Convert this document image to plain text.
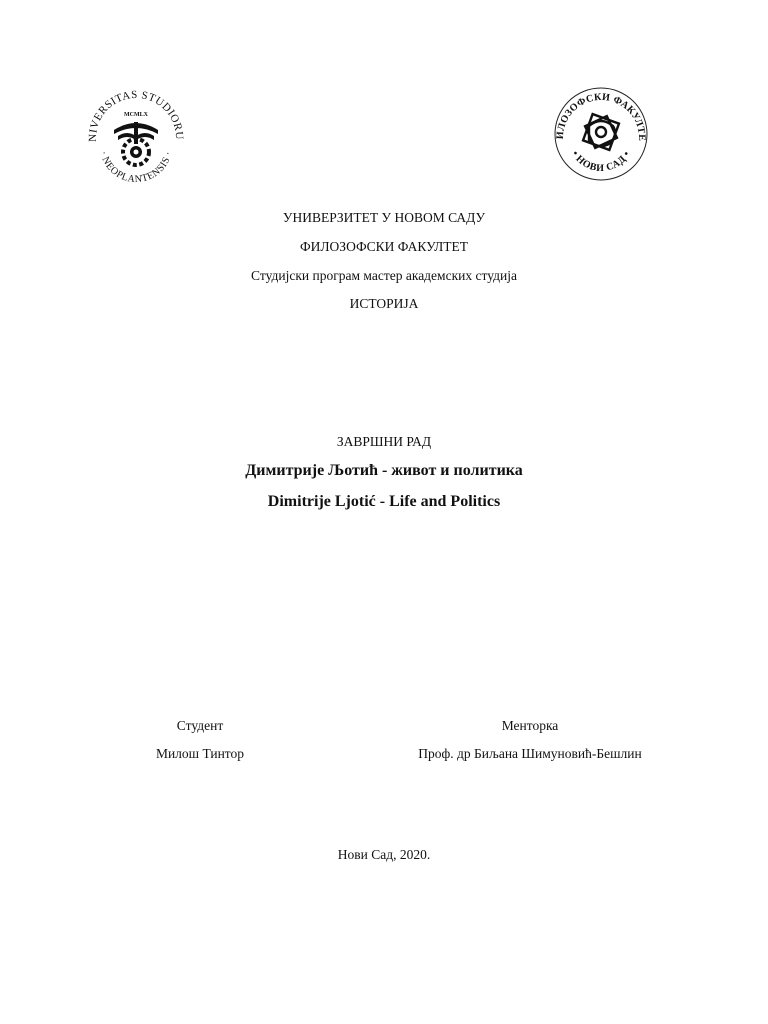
NIVERSITAS STUDIORU
· NEOPLANTENSIS ·
MCMLX
ИЛОЗОФСКИ ФАКУЛТЕ
• НОВИ САД •
УНИВЕРЗИТЕТ У НОВОМ САДУ
ФИЛОЗОФСКИ ФАКУЛТЕТ
Студијски програм мастер академских студија
ИСТОРИЈА
ЗАВРШНИ РАД
Димитрије Љотић - живот и политика
Dimitrije Ljotić - Life and Politics
Студент
Милош Тинтор
Менторка
Проф. др Биљана Шимуновић-Бешлин
Нови Сад, 2020.
